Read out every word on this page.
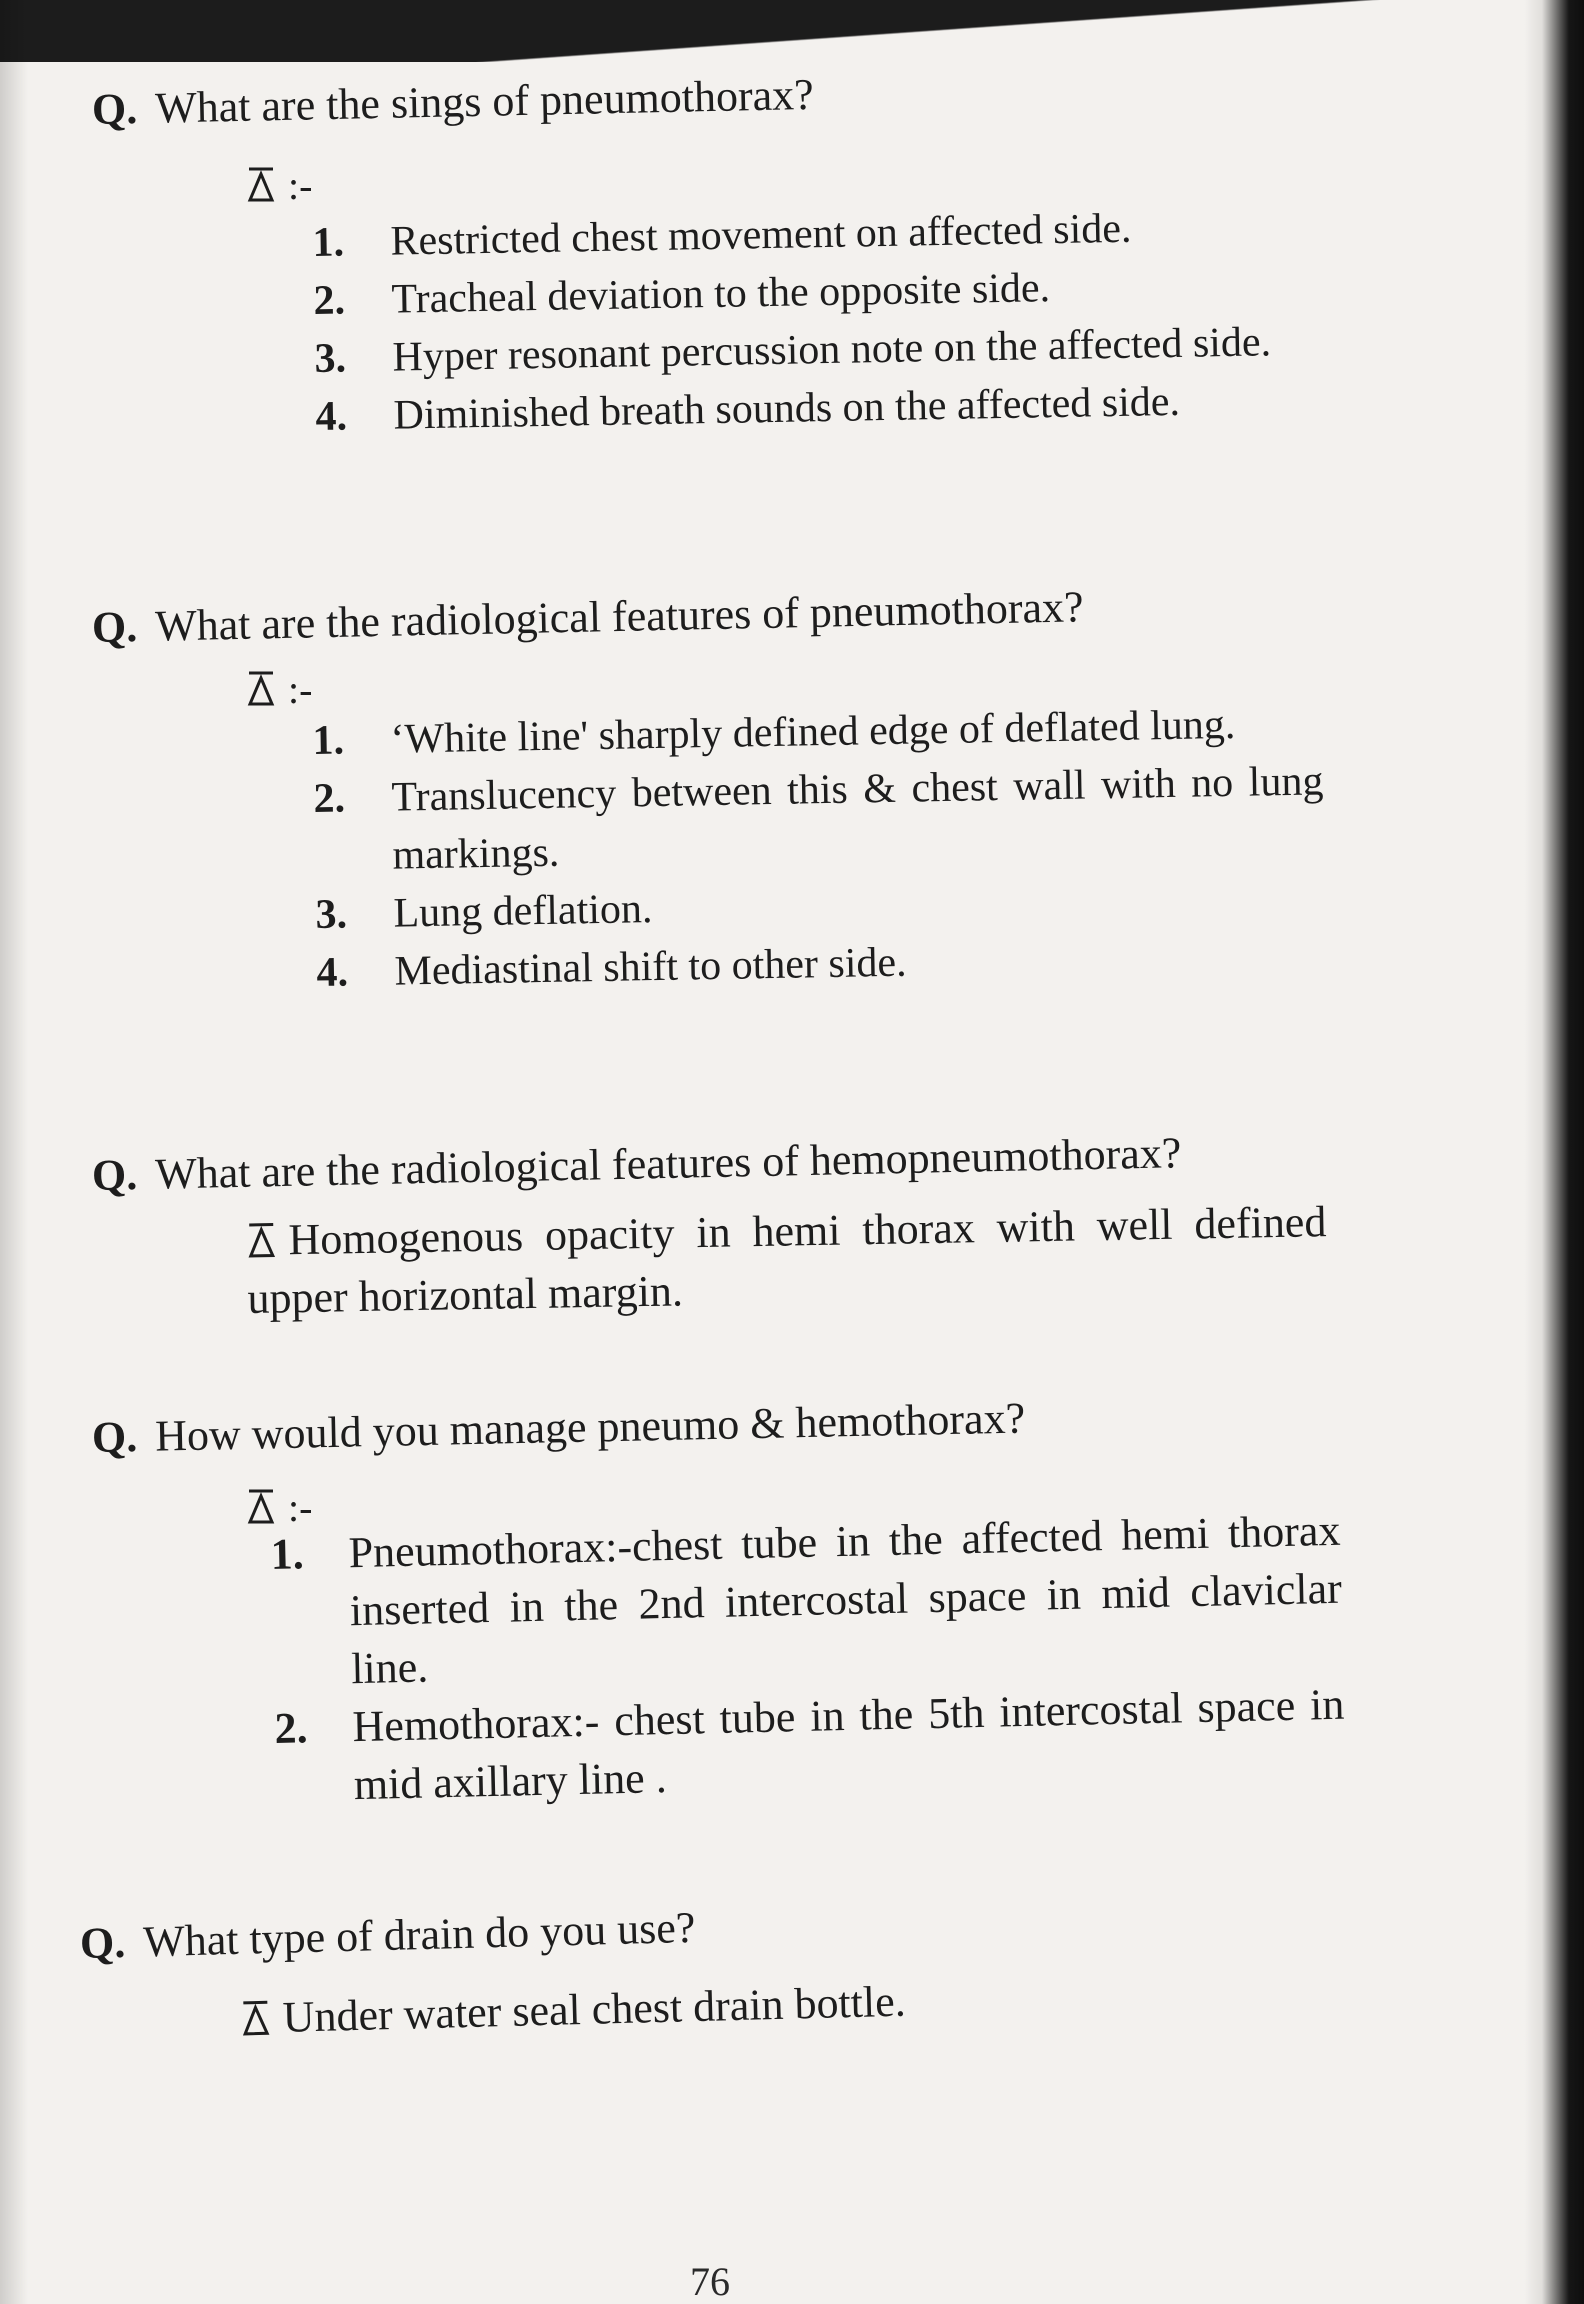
Q. What are the sings of pneumothorax?
:-
1. Restricted chest movement on affected side.
2. Tracheal deviation to the opposite side.
3. Hyper resonant percussion note on the affected side.
4. Diminished breath sounds on the affected side.
Q. What are the radiological features of pneumothorax?
:-
1. ‘White line' sharply defined edge of deflated lung.
2. Translucency between this & chest wall with no lung markings.
3. Lung deflation.
4. Mediastinal shift to other side.
Q. What are the radiological features of hemopneumothorax?
Homogenous opacity in hemi thorax with well defined upper horizontal margin.
Q. How would you manage pneumo & hemothorax?
:-
1. Pneumothorax:-chest tube in the affected hemi thorax inserted in the 2nd intercostal space in mid claviclar line.
2. Hemothorax:- chest tube in the 5th intercostal space in mid axillary line .
Q. What type of drain do you use?
Under water seal chest drain bottle.
76
